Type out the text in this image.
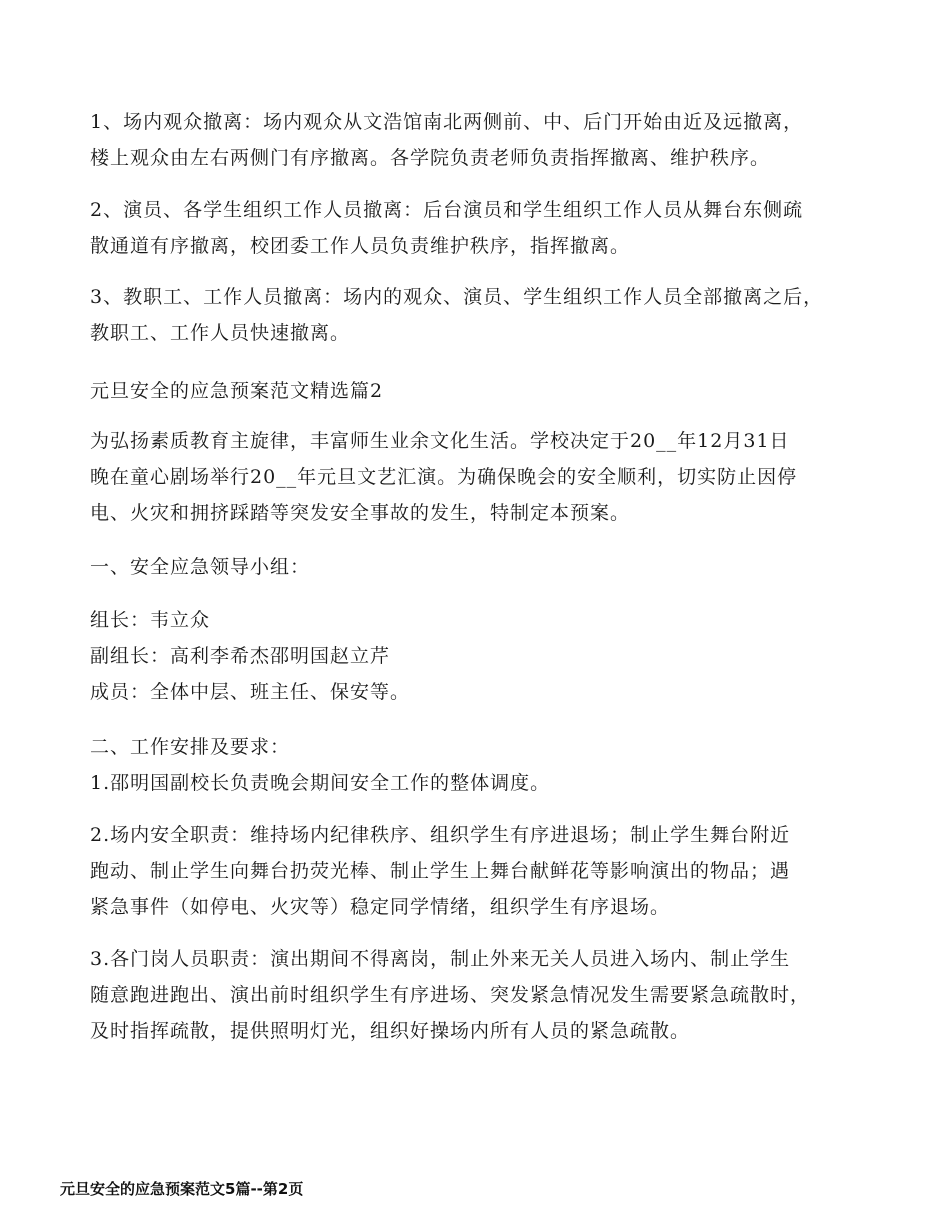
1、场内观众撤离：场内观众从文浩馆南北两侧前、中、后门开始由近及远撤离，
楼上观众由左右两侧门有序撤离。各学院负责老师负责指挥撤离、维护秩序。
2、演员、各学生组织工作人员撤离：后台演员和学生组织工作人员从舞台东侧疏
散通道有序撤离，校团委工作人员负责维护秩序，指挥撤离。
3、教职工、工作人员撤离：场内的观众、演员、学生组织工作人员全部撤离之后，
教职工、工作人员快速撤离。
元旦安全的应急预案范文精选篇2
为弘扬素质教育主旋律，丰富师生业余文化生活。学校决定于20__年12月31日
晚在童心剧场举行20__年元旦文艺汇演。为确保晚会的安全顺利，切实防止因停
电、火灾和拥挤踩踏等突发安全事故的发生，特制定本预案。
一、安全应急领导小组：
组长：韦立众
副组长：高利李希杰邵明国赵立芹
成员：全体中层、班主任、保安等。
二、工作安排及要求：
1.邵明国副校长负责晚会期间安全工作的整体调度。
2.场内安全职责：维持场内纪律秩序、组织学生有序进退场；制止学生舞台附近
跑动、制止学生向舞台扔荧光棒、制止学生上舞台献鲜花等影响演出的物品；遇
紧急事件（如停电、火灾等）稳定同学情绪，组织学生有序退场。
3.各门岗人员职责：演出期间不得离岗，制止外来无关人员进入场内、制止学生
随意跑进跑出、演出前时组织学生有序进场、突发紧急情况发生需要紧急疏散时，
及时指挥疏散，提供照明灯光，组织好操场内所有人员的紧急疏散。
元旦安全的应急预案范文5篇--第2页
